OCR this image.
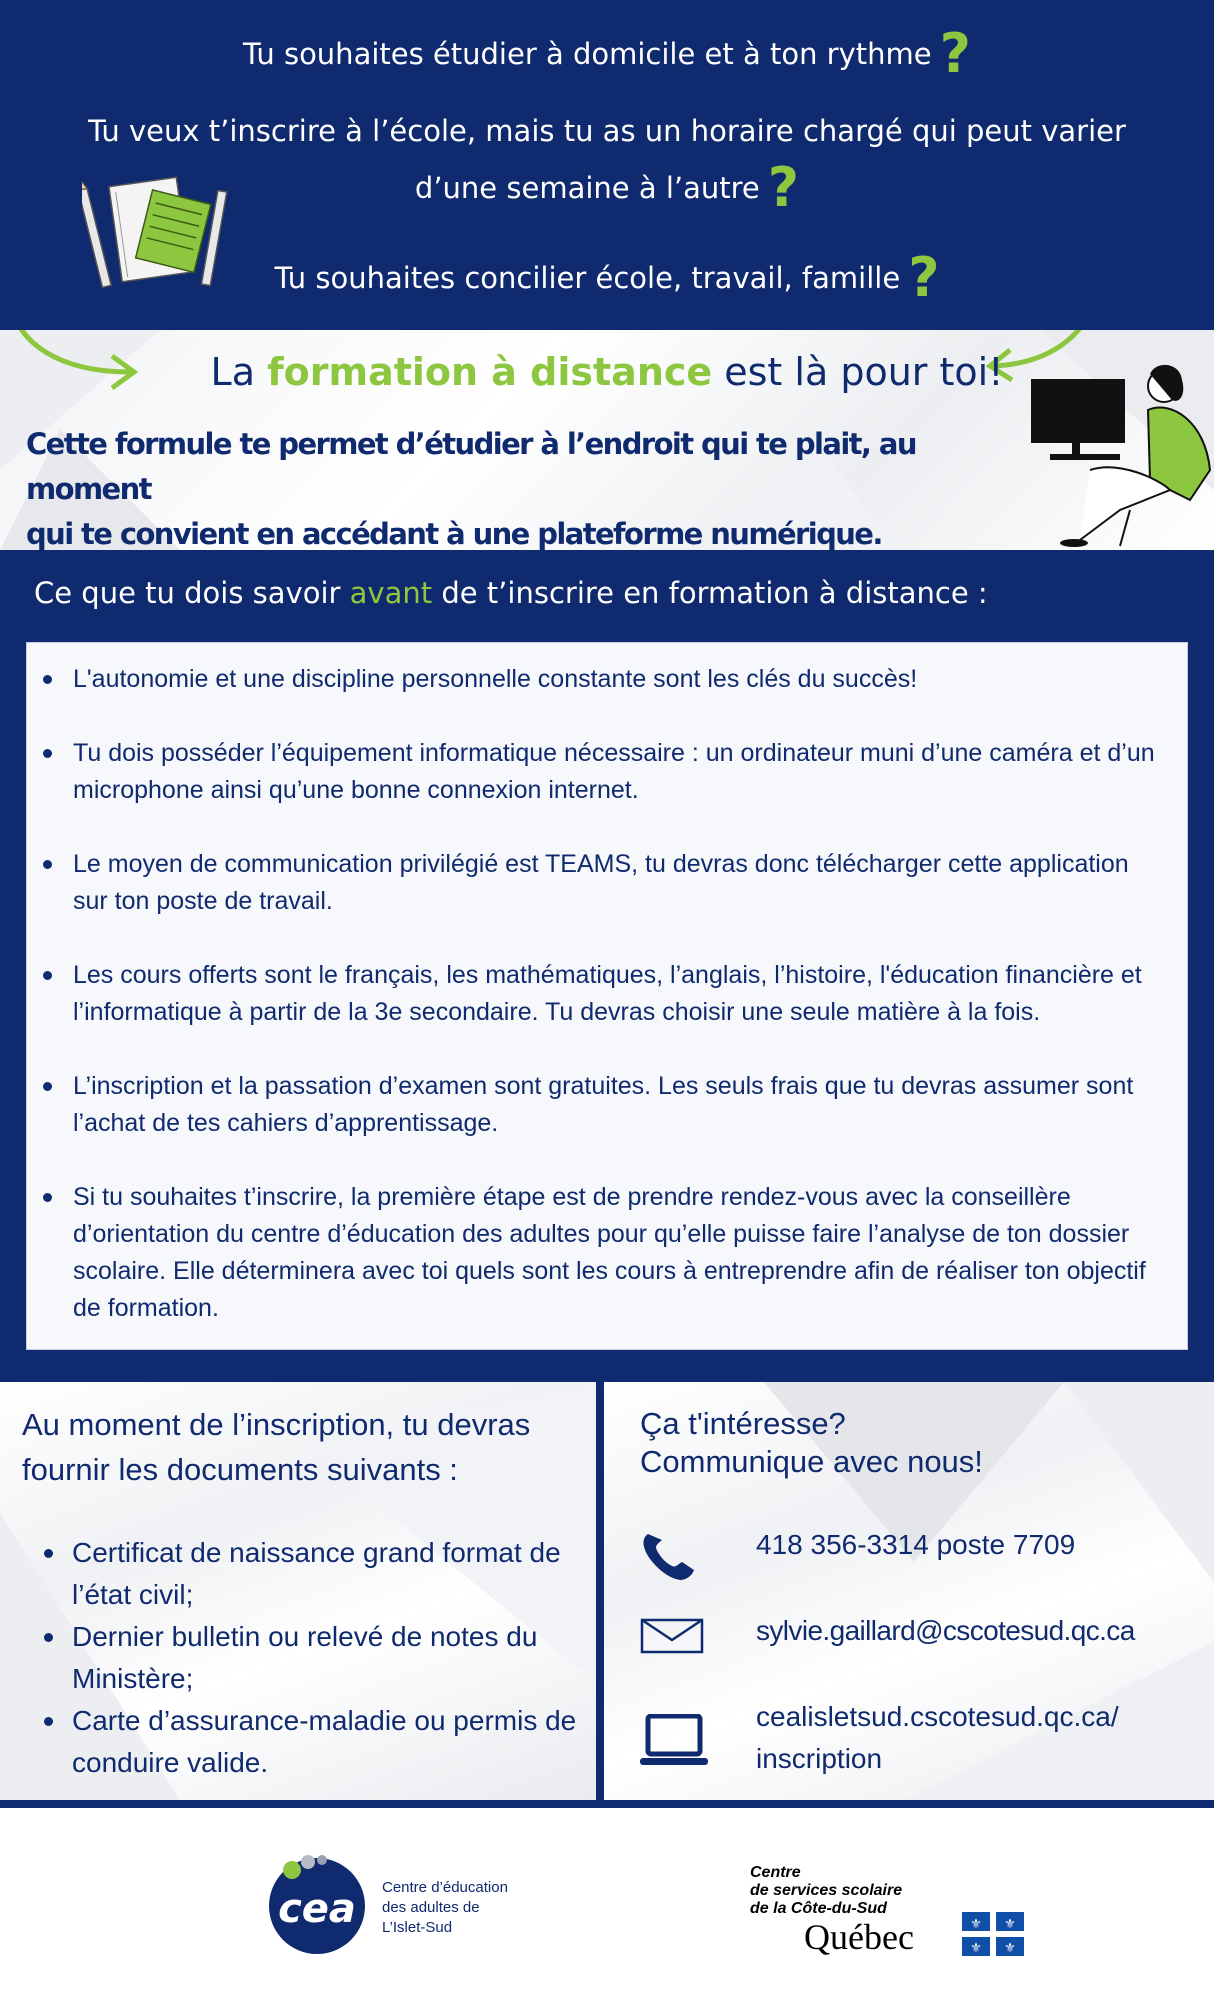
Tu souhaites étudier à domicile et à ton rythme ?
Tu veux t’inscrire à l’école, mais tu as un horaire chargé qui peut varier
d’une semaine à l’autre ?
Tu souhaites concilier école, travail, famille ?
La formation à distance est là pour toi!
Cette formule te permet d’étudier à l’endroit qui te plait, au moment
qui te convient en accédant à une plateforme numérique.
Ce que tu dois savoir avant de t’inscrire en formation à distance :
L'autonomie et une discipline personnelle constante sont les clés du succès!
Tu dois posséder l’équipement informatique nécessaire : un ordinateur muni d’une caméra et d’un microphone ainsi qu’une bonne connexion internet.
Le moyen de communication privilégié est TEAMS, tu devras donc télécharger cette application sur ton poste de travail.
Les cours offerts sont le français, les mathématiques, l’anglais, l’histoire, l'éducation financière et l’informatique à partir de la 3e secondaire. Tu devras choisir une seule matière à la fois.
L’inscription et la passation d’examen sont gratuites. Les seuls frais que tu devras assumer sont l’achat de tes cahiers d’apprentissage.
Si tu souhaites t’inscrire, la première étape est de prendre rendez-vous avec la conseillère d’orientation du centre d’éducation des adultes pour qu’elle puisse faire l’analyse de ton dossier scolaire. Elle déterminera avec toi quels sont les cours à entreprendre afin de réaliser ton objectif de formation.
Au moment de l’inscription, tu devras fournir les documents suivants :
Certificat de naissance grand format de l’état civil;
Dernier bulletin ou relevé de notes du Ministère;
Carte d’assurance-maladie ou permis de conduire valide.
Ça t'intéresse?
Communique avec nous!
418 356-3314 poste 7709
sylvie.gaillard@cscotesud.qc.ca
cealisletsud.cscotesud.qc.ca/
inscription
cea Centre d’éducation
des adultes de
L’Islet-Sud
Centre
de services scolaire
de la Côte-du-Sud
Québec	⚜ ⚜
⚜ ⚜
